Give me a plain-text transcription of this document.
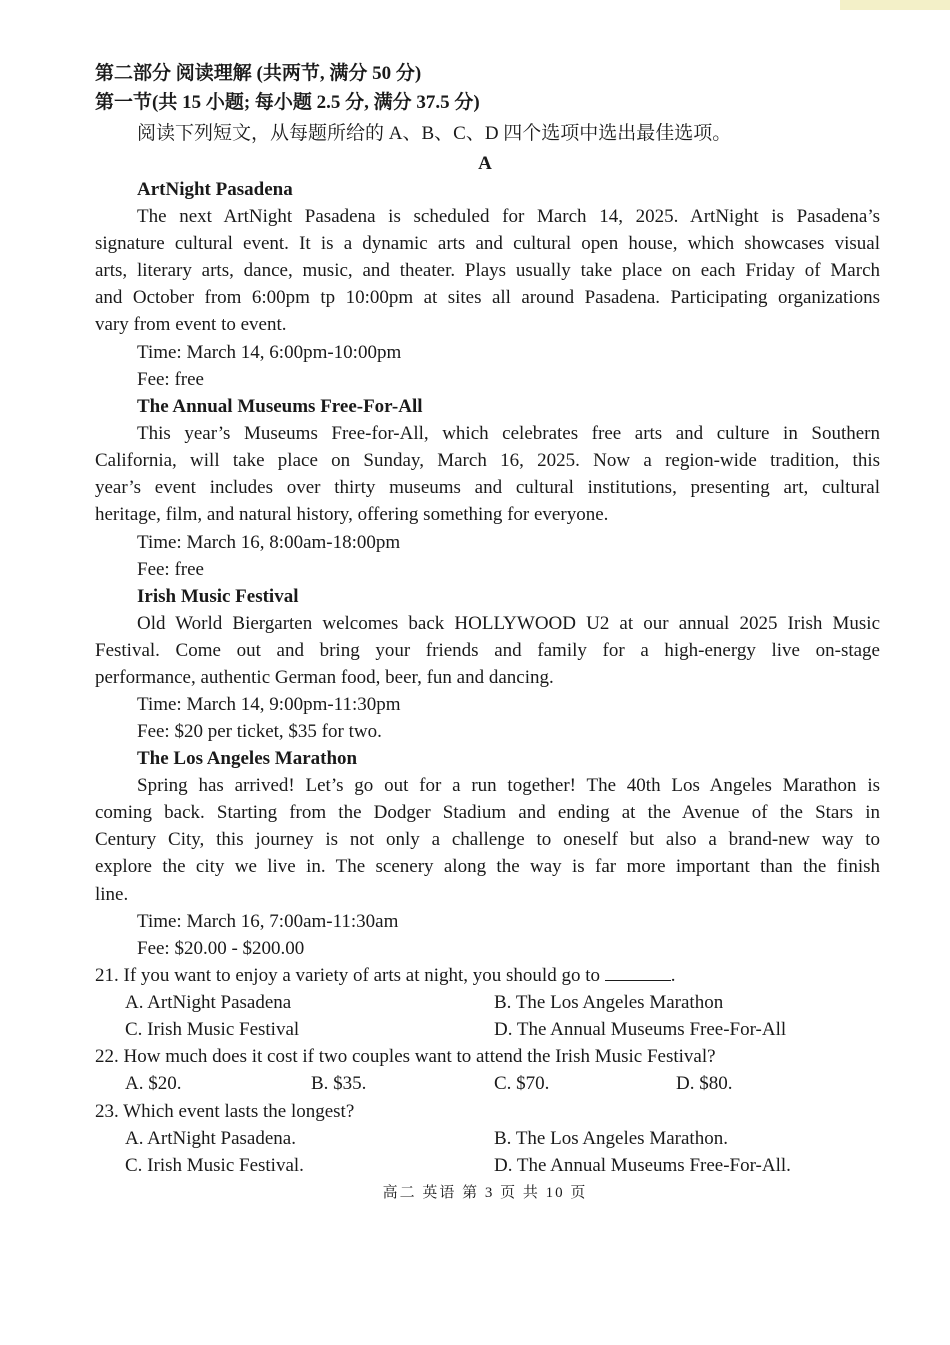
第二部分 阅读理解 (共两节, 满分 50 分)
第一节(共 15 小题; 每小题 2.5 分, 满分 37.5 分)
阅读下列短文，从每题所给的 A、B、C、D 四个选项中选出最佳选项。
A
ArtNight Pasadena
The next ArtNight Pasadena is scheduled for March 14, 2025. ArtNight is Pasadena’s
signature cultural event. It is a dynamic arts and cultural open house, which showcases visual
arts, literary arts, dance, music, and theater. Plays usually take place on each Friday of March
and October from 6:00pm tp 10:00pm at sites all around Pasadena. Participating organizations
vary from event to event.
Time: March 14, 6:00pm-10:00pm
Fee: free
The Annual Museums Free-For-All
This year’s Museums Free-for-All, which celebrates free arts and culture in Southern
California, will take place on Sunday, March 16, 2025. Now a region-wide tradition, this
year’s event includes over thirty museums and cultural institutions, presenting art, cultural
heritage, film, and natural history, offering something for everyone.
Time: March 16, 8:00am-18:00pm
Fee: free
Irish Music Festival
Old World Biergarten welcomes back HOLLYWOOD U2 at our annual 2025 Irish Music
Festival. Come out and bring your friends and family for a high-energy live on-stage
performance, authentic German food, beer, fun and dancing.
Time: March 14, 9:00pm-11:30pm
Fee: $20 per ticket, $35 for two.
The Los Angeles Marathon
Spring has arrived! Let’s go out for a run together! The 40th Los Angeles Marathon is
coming back. Starting from the Dodger Stadium and ending at the Avenue of the Stars in
Century City, this journey is not only a challenge to oneself but also a brand-new way to
explore the city we live in. The scenery along the way is far more important than the finish
line.
Time: March 16, 7:00am-11:30am
Fee: $20.00 - $200.00
21. If you want to enjoy a variety of arts at night, you should go to	.
A. ArtNight Pasadena	B. The Los Angeles Marathon
C. Irish Music Festival	D. The Annual Museums Free-For-All
22. How much does it cost if two couples want to attend the Irish Music Festival?
A. $20.	B. $35.	C. $70.	D. $80.
23. Which event lasts the longest?
A. ArtNight Pasadena.	B. The Los Angeles Marathon.
C. Irish Music Festival.	D. The Annual Museums Free-For-All.
高二 英语 第 3 页 共 10 页
